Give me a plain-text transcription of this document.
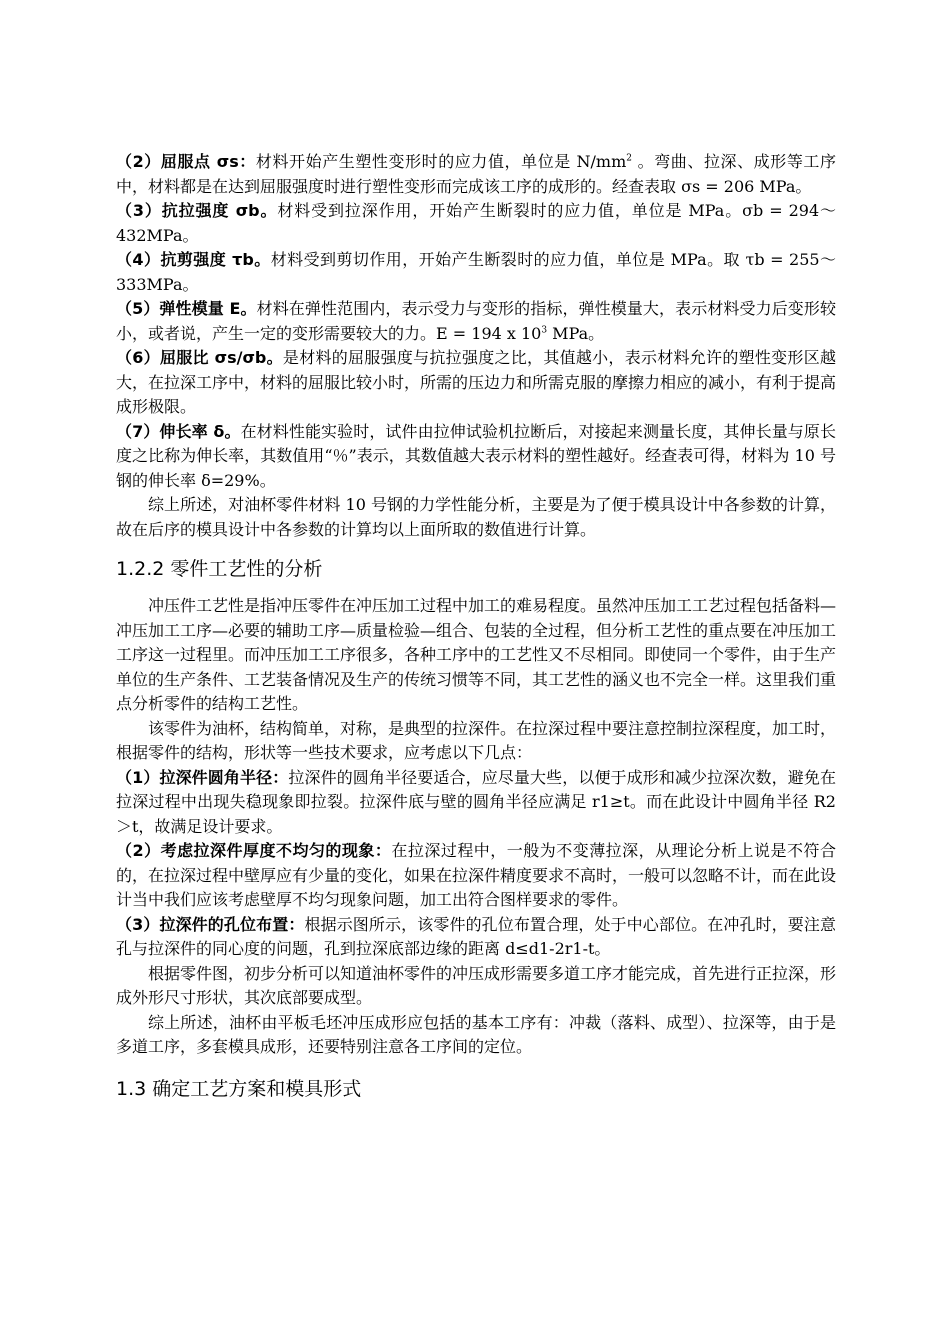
（2）屈服点 σs：材料开始产生塑性变形时的应力值，单位是 $N/mm^2$ 。弯曲、拉深、成形等工序中，材料都是在达到屈服强度时进行塑性变形而完成该工序的成形的。经查表取 σs = 206 MPa。

（3）抗拉强度 σb。材料受到拉深作用，开始产生断裂时的应力值，单位是 MPa。σb = 294～432MPa。

（4）抗剪强度 τb。材料受到剪切作用，开始产生断裂时的应力值，单位是 MPa。取 τb = 255～333MPa。

（5）弹性模量 E。材料在弹性范围内，表示受力与变形的指标，弹性模量大，表示材料受力后变形较小，或者说，产生一定的变形需要较大的力。E = 194 x $10^3$ MPa。

（6）屈服比 σs/σb。是材料的屈服强度与抗拉强度之比，其值越小，表示材料允许的塑性变形区越大，在拉深工序中，材料的屈服比较小时，所需的压边力和所需克服的摩擦力相应的减小，有利于提高成形极限。

（7）伸长率 δ。在材料性能实验时，试件由拉伸试验机拉断后，对接起来测量长度，其伸长量与原长度之比称为伸长率，其数值用“％”表示，其数值越大表示材料的塑性越好。经查表可得，材料为 10 号钢的伸长率 δ=29%。

综上所述，对油杯零件材料 10 号钢的力学性能分析，主要是为了便于模具设计中各参数的计算，故在后序的模具设计中各参数的计算均以上面所取的数值进行计算。

1.2.2 零件工艺性的分析

冲压件工艺性是指冲压零件在冲压加工过程中加工的难易程度。虽然冲压加工工艺过程包括备料—冲压加工工序—必要的辅助工序—质量检验—组合、包装的全过程，但分析工艺性的重点要在冲压加工工序这一过程里。而冲压加工工序很多，各种工序中的工艺性又不尽相同。即使同一个零件，由于生产单位的生产条件、工艺装备情况及生产的传统习惯等不同，其工艺性的涵义也不完全一样。这里我们重点分析零件的结构工艺性。

该零件为油杯，结构简单，对称，是典型的拉深件。在拉深过程中要注意控制拉深程度，加工时，根据零件的结构，形状等一些技术要求，应考虑以下几点：

（1）拉深件圆角半径：拉深件的圆角半径要适合，应尽量大些，以便于成形和减少拉深次数，避免在拉深过程中出现失稳现象即拉裂。拉深件底与壁的圆角半径应满足 r1≥t。而在此设计中圆角半径 R2＞t，故满足设计要求。

（2）考虑拉深件厚度不均匀的现象：在拉深过程中，一般为不变薄拉深，从理论分析上说是不符合的，在拉深过程中壁厚应有少量的变化，如果在拉深件精度要求不高时，一般可以忽略不计，而在此设计当中我们应该考虑壁厚不均匀现象问题，加工出符合图样要求的零件。

（3）拉深件的孔位布置：根据示图所示，该零件的孔位布置合理，处于中心部位。在冲孔时，要注意孔与拉深件的同心度的问题，孔到拉深底部边缘的距离 d≤d1-2r1-t。

根据零件图，初步分析可以知道油杯零件的冲压成形需要多道工序才能完成，首先进行正拉深，形成外形尺寸形状，其次底部要成型。

综上所述，油杯由平板毛坯冲压成形应包括的基本工序有：冲裁（落料、成型）、拉深等，由于是多道工序，多套模具成形，还要特别注意各工序间的定位。

1.3 确定工艺方案和模具形式
